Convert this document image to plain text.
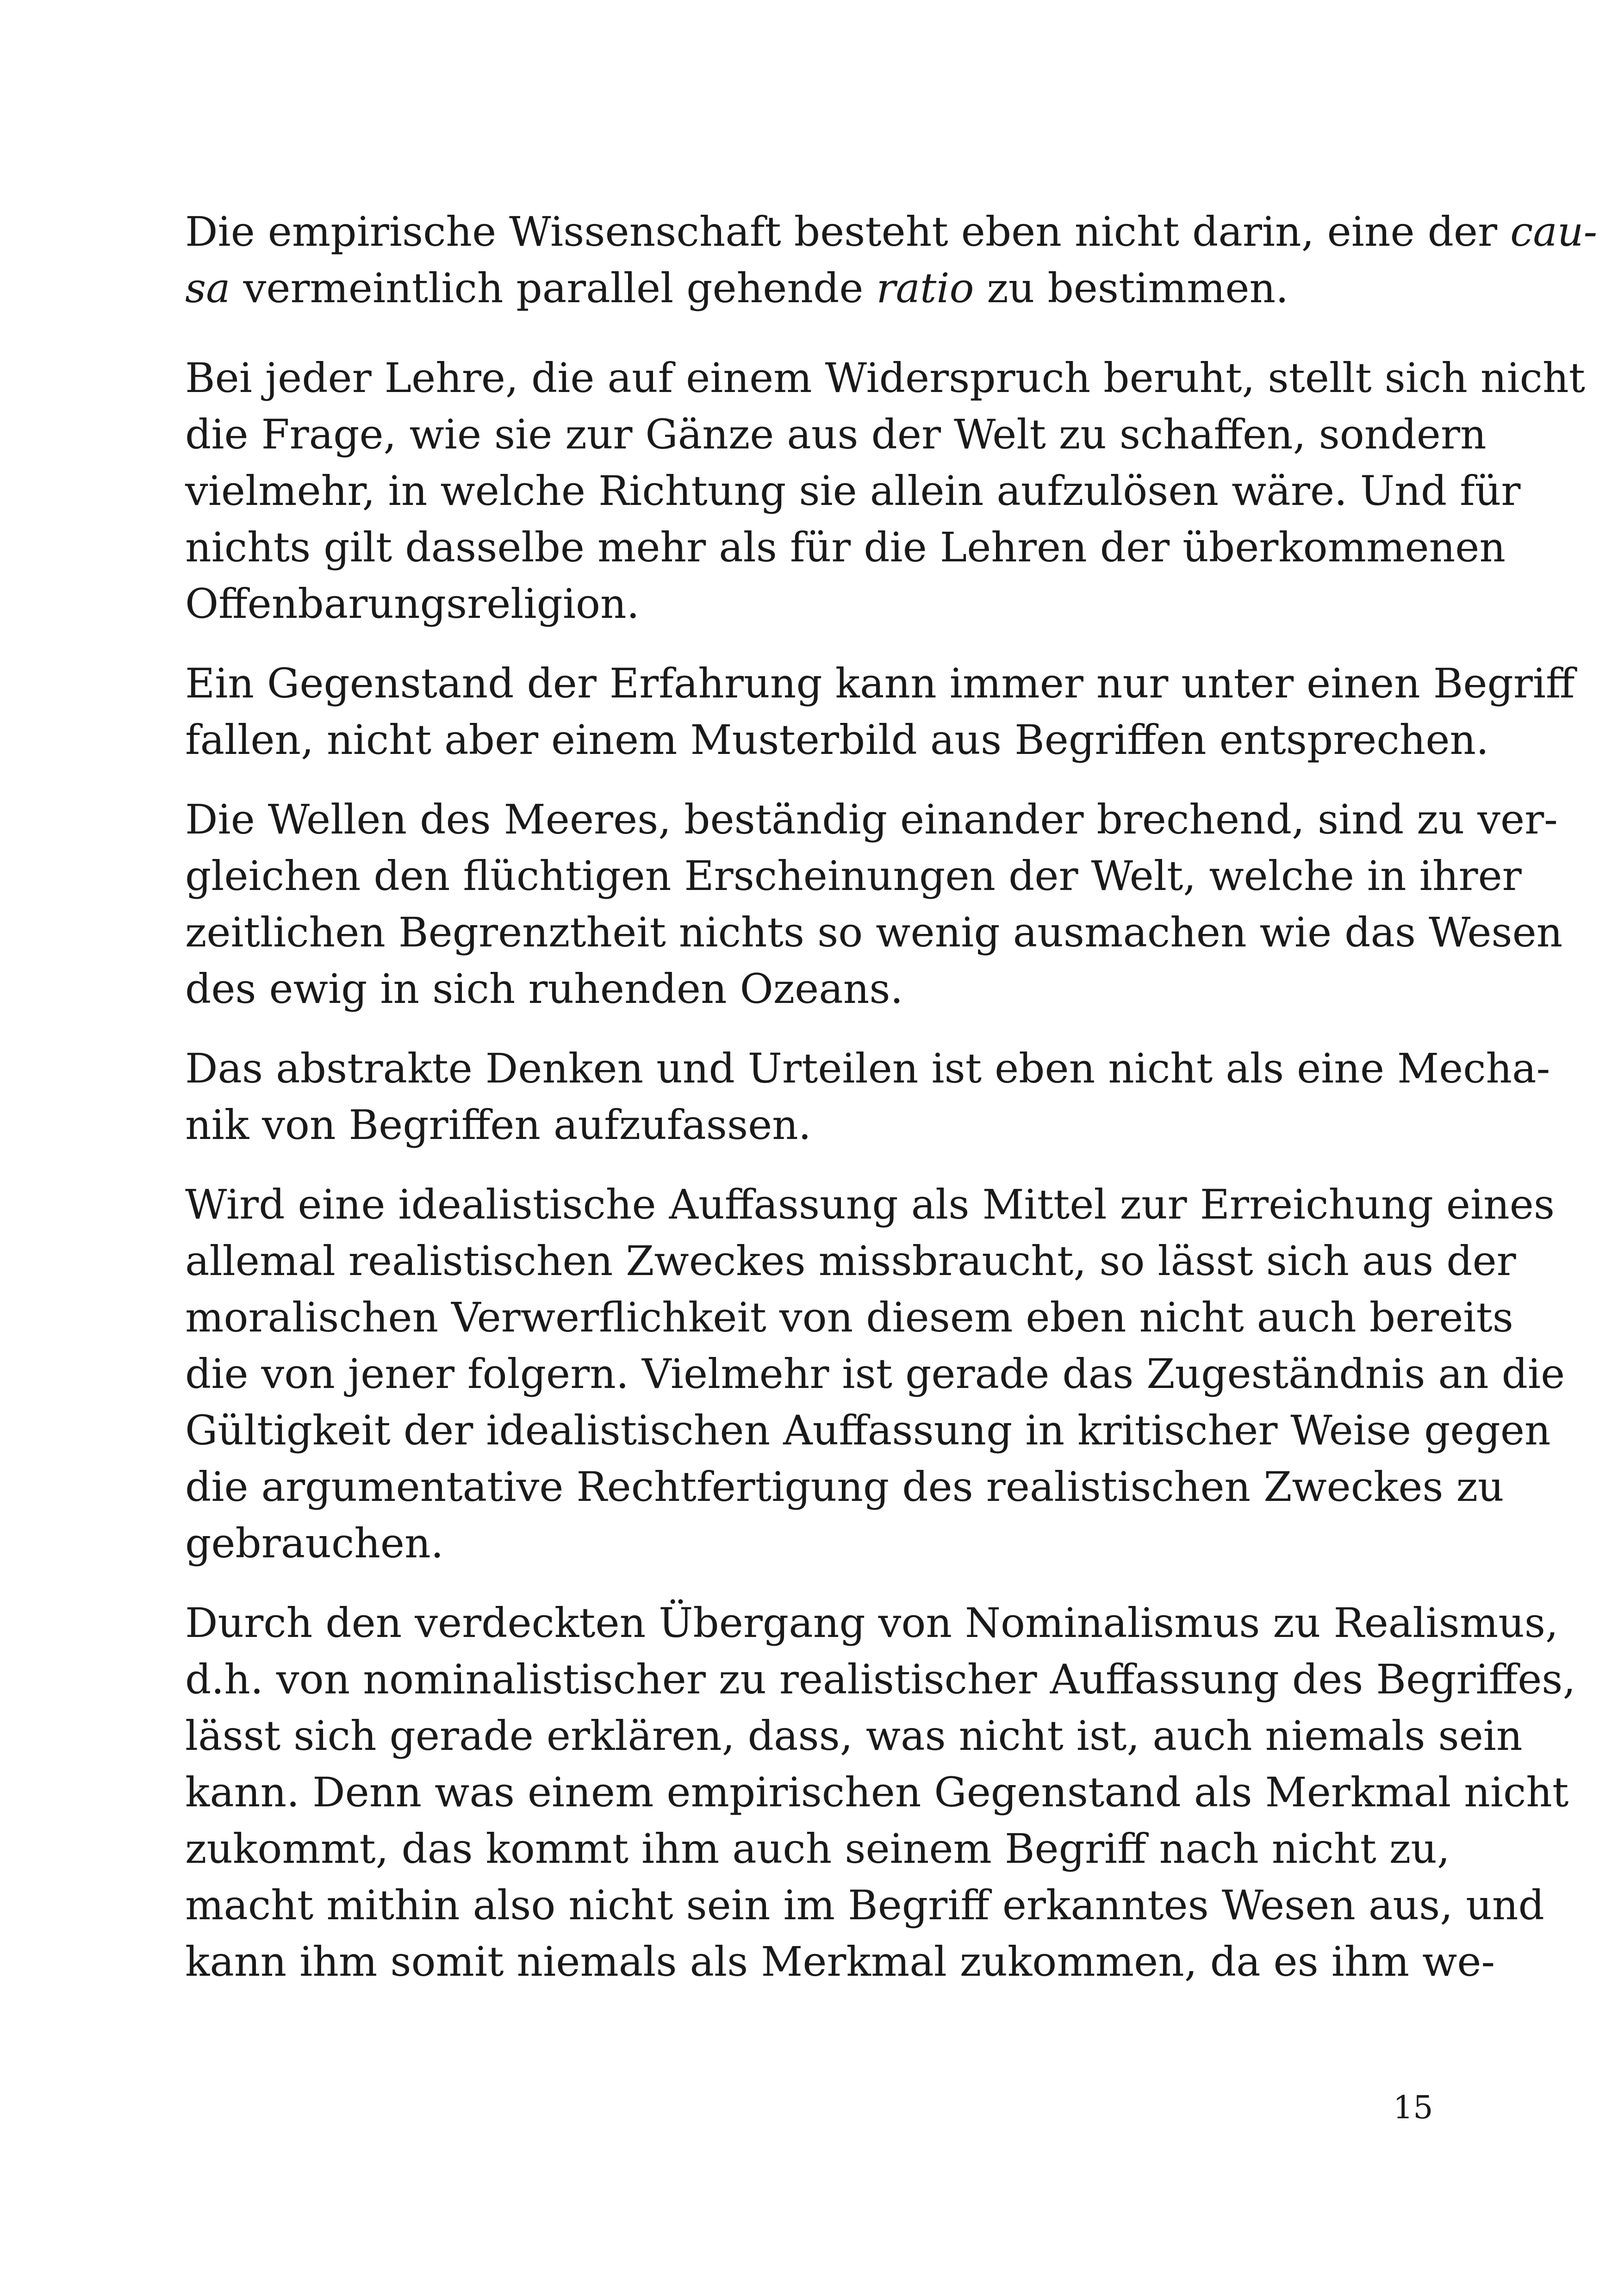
Die empirische Wissenschaft besteht eben nicht darin, eine der cau-
sa vermeintlich parallel gehende ratio zu bestimmen.
Bei jeder Lehre, die auf einem Widerspruch beruht, stellt sich nicht
die Frage, wie sie zur Gänze aus der Welt zu schaffen, sondern
vielmehr, in welche Richtung sie allein aufzulösen wäre. Und für
nichts gilt dasselbe mehr als für die Lehren der überkommenen
Offenbarungsreligion.
Ein Gegenstand der Erfahrung kann immer nur unter einen Begriff
fallen, nicht aber einem Musterbild aus Begriffen entsprechen.
Die Wellen des Meeres, beständig einander brechend, sind zu ver-
gleichen den flüchtigen Erscheinungen der Welt, welche in ihrer
zeitlichen Begrenztheit nichts so wenig ausmachen wie das Wesen
des ewig in sich ruhenden Ozeans.
Das abstrakte Denken und Urteilen ist eben nicht als eine Mecha-
nik von Begriffen aufzufassen.
Wird eine idealistische Auffassung als Mittel zur Erreichung eines
allemal realistischen Zweckes missbraucht, so lässt sich aus der
moralischen Verwerflichkeit von diesem eben nicht auch bereits
die von jener folgern. Vielmehr ist gerade das Zugeständnis an die
Gültigkeit der idealistischen Auffassung in kritischer Weise gegen
die argumentative Rechtfertigung des realistischen Zweckes zu
gebrauchen.
Durch den verdeckten Übergang von Nominalismus zu Realismus,
d.h. von nominalistischer zu realistischer Auffassung des Begriffes,
lässt sich gerade erklären, dass, was nicht ist, auch niemals sein
kann. Denn was einem empirischen Gegenstand als Merkmal nicht
zukommt, das kommt ihm auch seinem Begriff nach nicht zu,
macht mithin also nicht sein im Begriff erkanntes Wesen aus, und
kann ihm somit niemals als Merkmal zukommen, da es ihm we-
15
